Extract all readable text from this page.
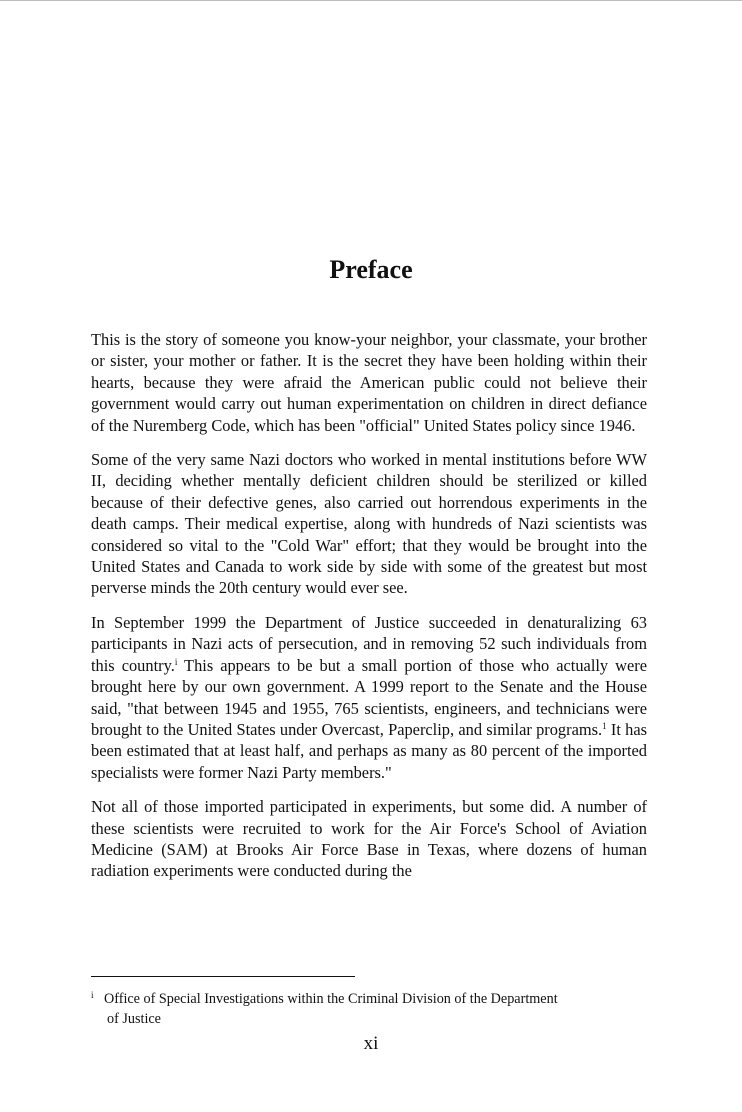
Preface

This is the story of someone you know-your neighbor, your classmate, your brother or sister, your mother or father. It is the secret they have been holding within their hearts, because they were afraid the American public could not believe their government would carry out human experimentation on children in direct defiance of the Nuremberg Code, which has been "official" United States policy since 1946.

Some of the very same Nazi doctors who worked in mental institutions before WW II, deciding whether mentally deficient children should be sterilized or killed because of their defective genes, also carried out horrendous experiments in the death camps. Their medical expertise, along with hundreds of Nazi scientists was considered so vital to the "Cold War" effort; that they would be brought into the United States and Canada to work side by side with some of the greatest but most perverse minds the 20th century would ever see.

In September 1999 the Department of Justice succeeded in denaturalizing 63 participants in Nazi acts of persecution, and in removing 52 such individuals from this country.$^i$ This appears to be but a small portion of those who actually were brought here by our own government. A 1999 report to the Senate and the House said, "that between 1945 and 1955, 765 scientists, engineers, and technicians were brought to the United States under Overcast, Paperclip, and similar programs.$^1$ It has been estimated that at least half, and perhaps as many as 80 percent of the imported specialists were former Nazi Party members."

Not all of those imported participated in experiments, but some did. A number of these scientists were recruited to work for the Air Force's School of Aviation Medicine (SAM) at Brooks Air Force Base in Texas, where dozens of human radiation experiments were conducted during the

i Office of Special Investigations within the Criminal Division of the Department
of Justice
xi
